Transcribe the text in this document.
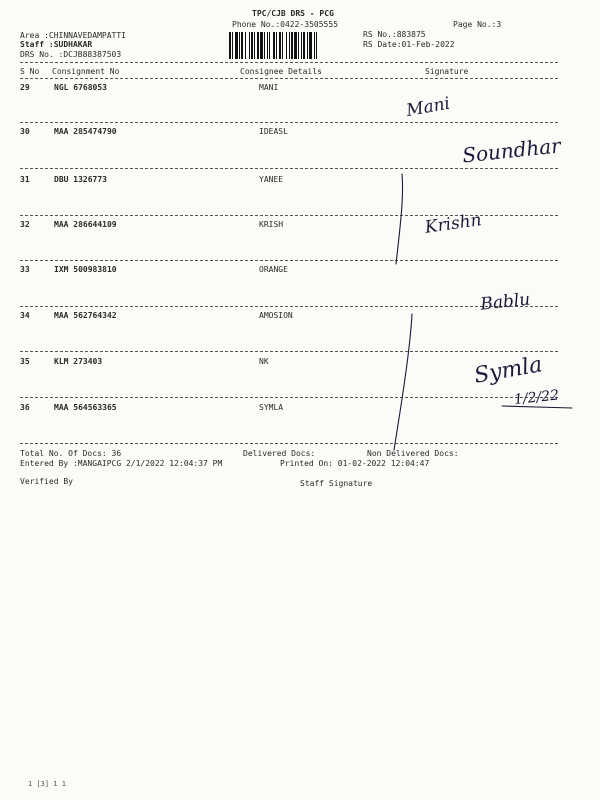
TPC/CJB DRS - PCG
Phone No.:0422-3505555	Page No.:3
Area :CHINNAVEDAMPATTI
Staff :SUDHAKAR
DRS No. :DCJB88387503
RS No.:883875
RS Date:01-Feb-2022
S No Consignment No	Consignee Details	Signature
29	NGL 6768053	MANI
30	MAA 285474790	IDEASL
31	DBU 1326773	YANEE
32	MAA 286644109	KRISH
33	IXM 500983810	ORANGE
34	MAA 562764342	AMOSION
35	KLM 273403	NK
36	MAA 564563365	SYMLA
Total No. Of Docs: 36	Delivered Docs:	Non Delivered Docs:
Entered By :MANGAIPCG 2/1/2022 12:04:37 PM	Printed On: 01-02-2022 12:04:47
Verified By	Staff Signature
Mani
Soundhar
Krishn
Bablu
Symla
1/2/22
1 [3] 1 1
